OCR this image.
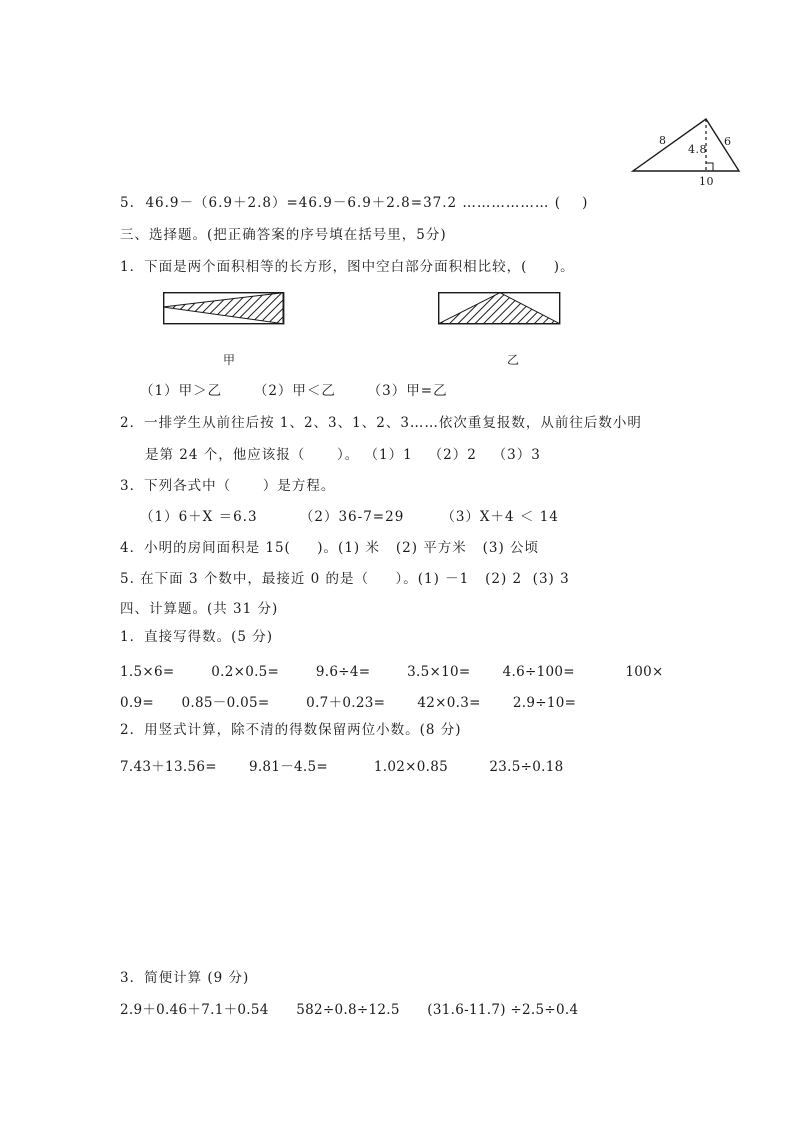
8	6
4.8
10
5.  46.9－（6.9＋2.8）=46.9－6.9＋2.8=37.2 ……………… (    )
三、选择题。(把正确答案的序号填在括号里，5分)
1．下面是两个面积相等的长方形，图中空白部分面积相比较，(     )。
甲	乙
（1）甲＞乙      （2）甲＜乙      （3）甲=乙
2．一排学生从前往后按 1、2、3、1、2、3……依次重复报数，从前往后数小明
是第 24 个，他应该报（      ）。 （1）1   （2）2   （3）3
3．下列各式中（      ）是方程。
（1）6＋X ＝6.3        （2）36-7=29       （3）X＋4 ＜ 14
4．小明的房间面积是 15(     )。(1) 米   (2) 平方米   (3) 公顷
5. 在下面 3 个数中，最接近 0 的是（     ）。(1) －1   (2) 2  (3) 3
四、计算题。(共 31 分)
1．直接写得数。(5 分)
1.5×6=        0.2×0.5=        9.6÷4=        3.5×10=       4.6÷100=           100×
0.9=      0.85－0.05=        0.7＋0.23=       42×0.3=       2.9÷10=
2．用竖式计算，除不清的得数保留两位小数。(8 分)
7.43＋13.56=       9.81－4.5=          1.02×0.85         23.5÷0.18
3．简便计算 (9 分)
2.9＋0.46＋7.1＋0.54      582÷0.8÷12.5      (31.6-11.7) ÷2.5÷0.4
